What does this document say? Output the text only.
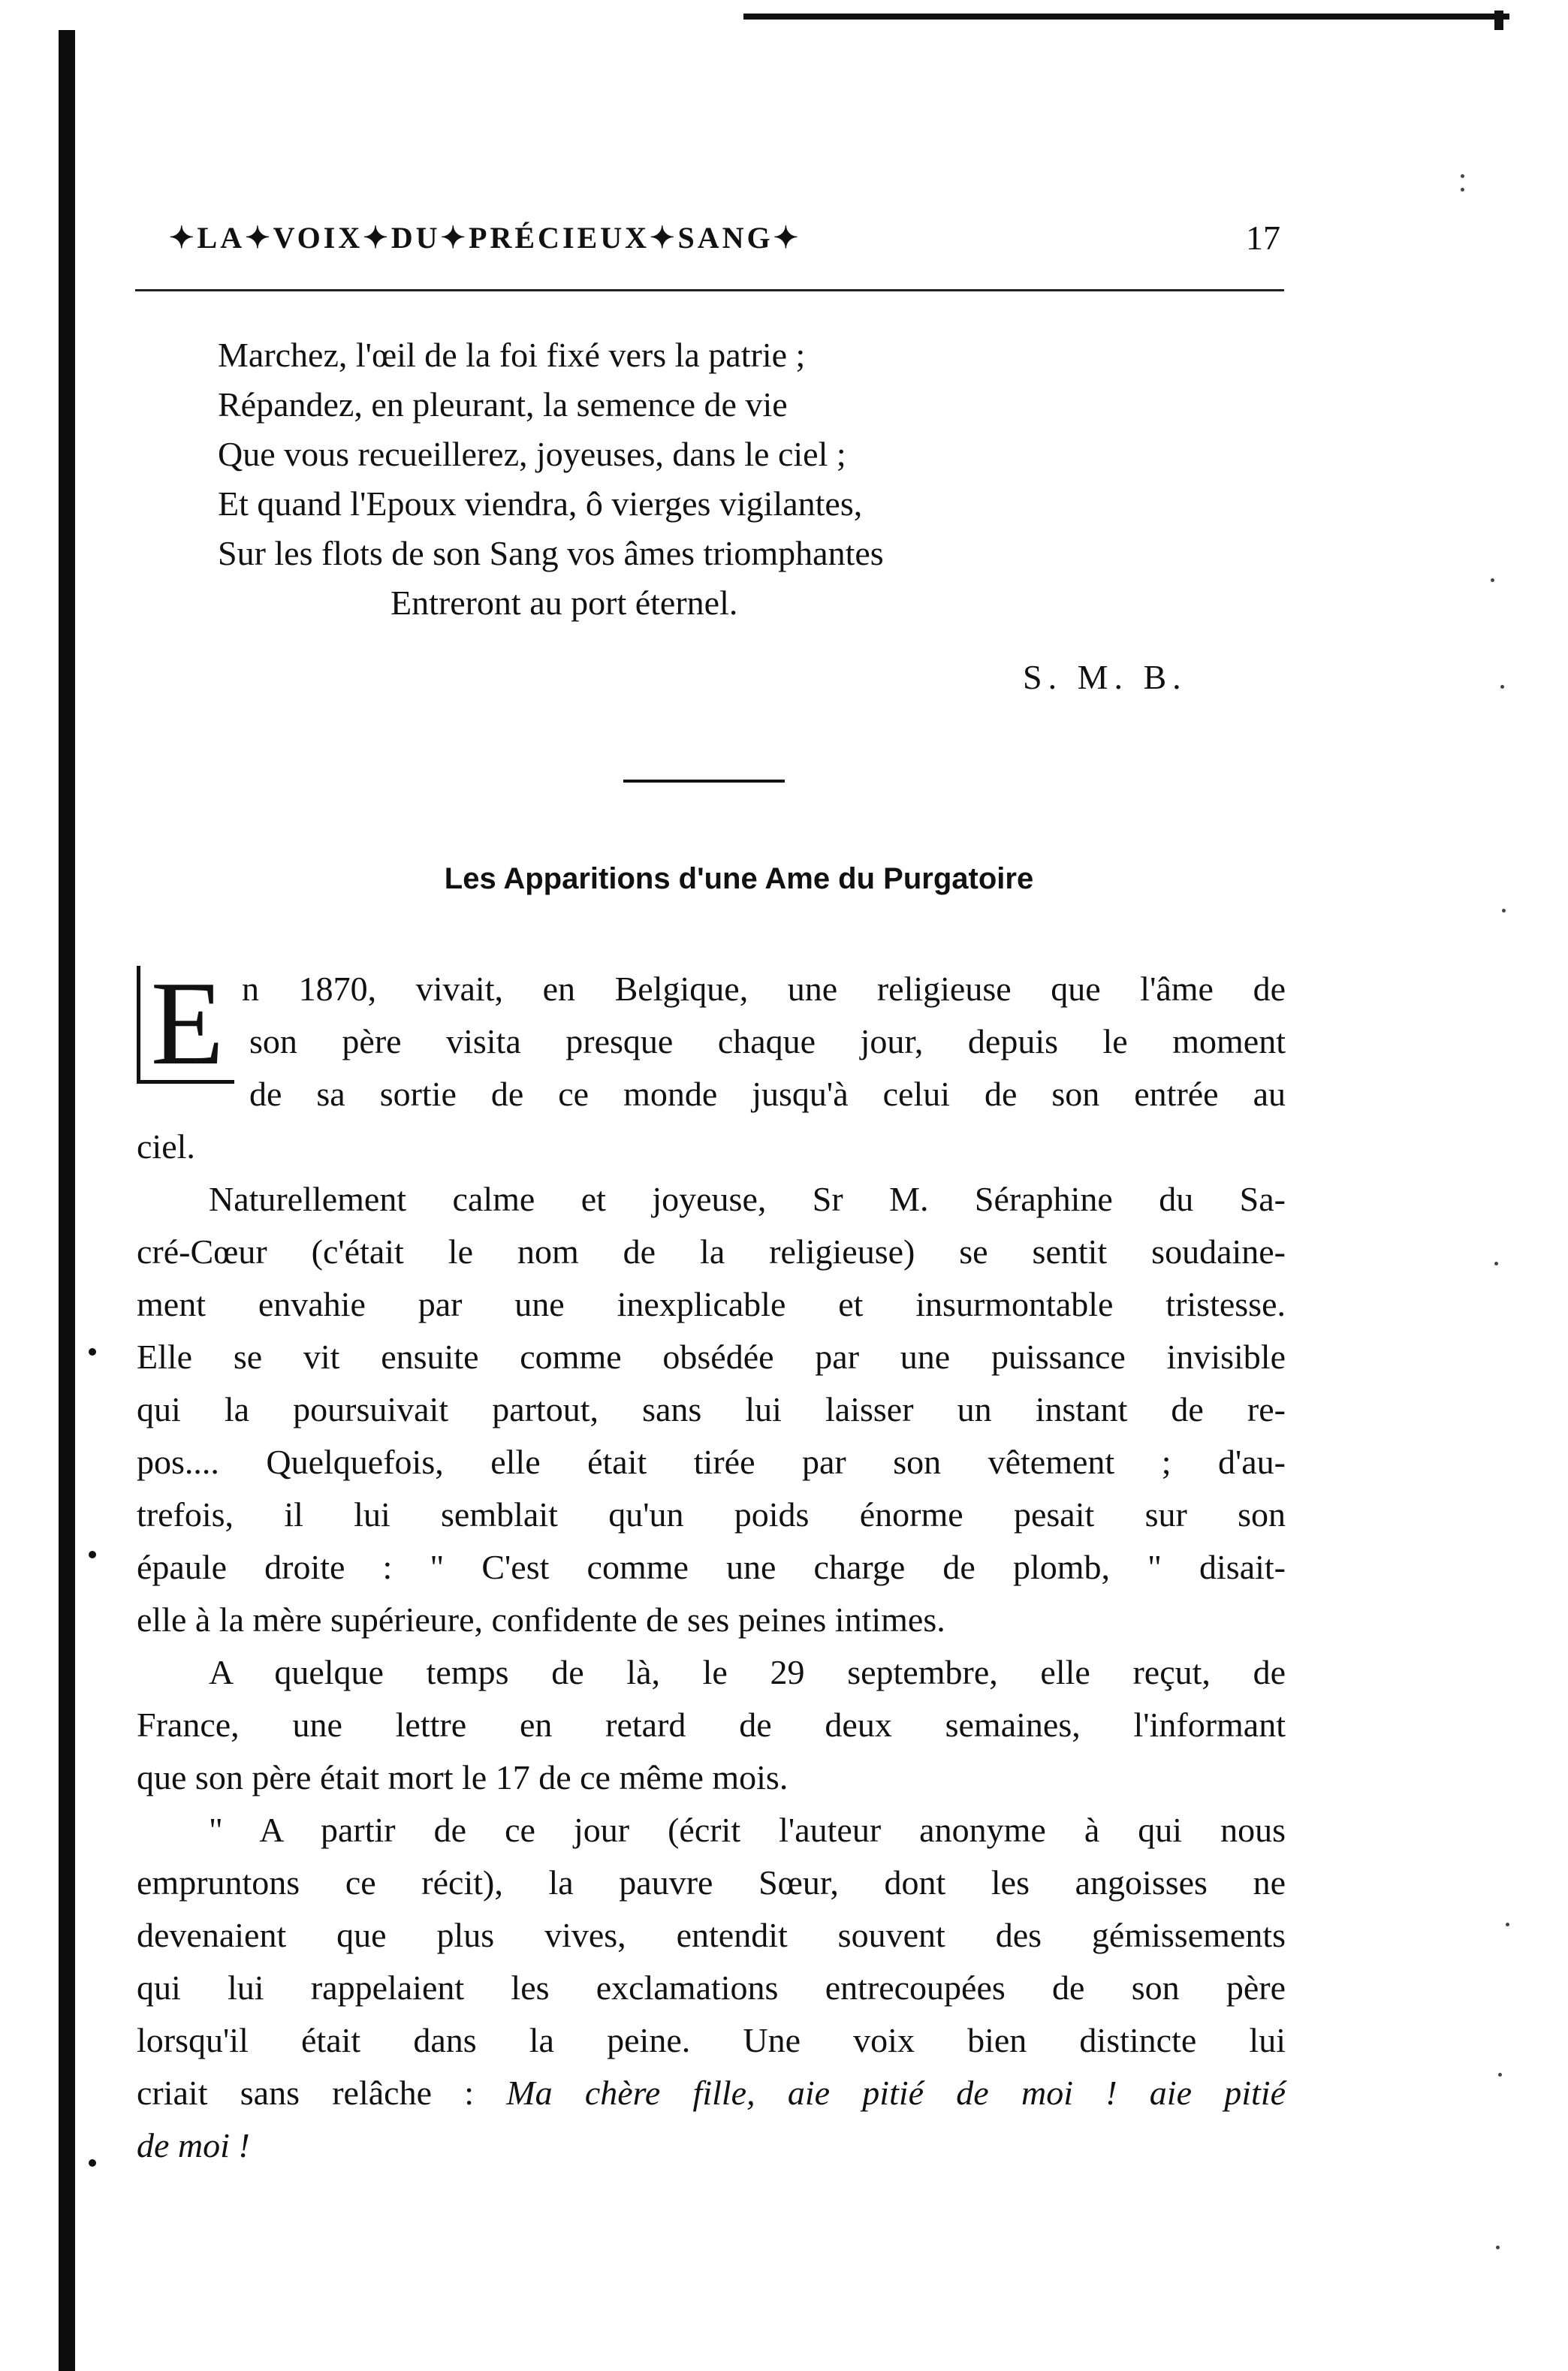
✦LA✦VOIX✦DU✦PRÉCIEUX✦SANG✦	17
Marchez, l'œil de la foi fixé vers la patrie ;
Répandez, en pleurant, la semence de vie
Que vous recueillerez, joyeuses, dans le ciel ;
Et quand l'Epoux viendra, ô vierges vigilantes,
Sur les flots de son Sang vos âmes triomphantes
Entreront au port éternel.
S. M. B.
Les Apparitions d'une Ame du Purgatoire
E n 1870, vivait, en Belgique, une religieuse que l'âme de
son père visita presque chaque jour, depuis le moment
de sa sortie de ce monde jusqu'à celui de son entrée au
ciel.
Naturellement calme et joyeuse, Sr M. Séraphine du Sa-
cré-Cœur (c'était le nom de la religieuse) se sentit soudaine-
ment envahie par une inexplicable et insurmontable tristesse.
Elle se vit ensuite comme obsédée par une puissance invisible
qui la poursuivait partout, sans lui laisser un instant de re-
pos.... Quelquefois, elle était tirée par son vêtement ; d'au-
trefois, il lui semblait qu'un poids énorme pesait sur son
épaule droite : " C'est comme une charge de plomb, " disait-
elle à la mère supérieure, confidente de ses peines intimes.
A quelque temps de là, le 29 septembre, elle reçut, de
France, une lettre en retard de deux semaines, l'informant
que son père était mort le 17 de ce même mois.
" A partir de ce jour (écrit l'auteur anonyme à qui nous
empruntons ce récit), la pauvre Sœur, dont les angoisses ne
devenaient que plus vives, entendit souvent des gémissements
qui lui rappelaient les exclamations entrecoupées de son père
lorsqu'il était dans la peine. Une voix bien distincte lui
criait sans relâche : Ma chère fille, aie pitié de moi ! aie pitié
de moi !
